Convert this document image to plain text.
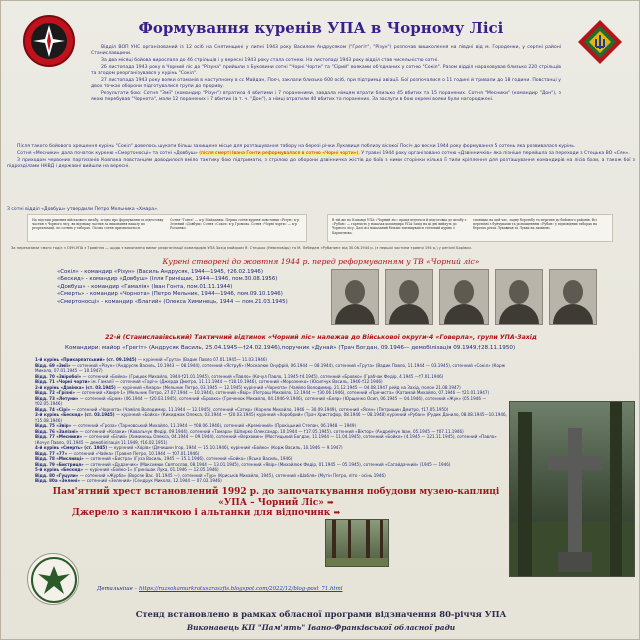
Формування куренів УПА в Чорному Лісі

Відділ ВОП УНС організований із 12 осіб на Снятинщині у липні 1943 року Василем Андрусяком ("Грегіт", "Різун") розпочав вишколення на півдні від м. Городенки, у серпні районі Станиславщини.

За два місяці бойова вирослала до 46 стрільців і у вересні 1943 року стала сотнею. На листопаді 1943 року відділ став чисельністю сотні.

26 листопада 1943 року в Чорний ліс до "Різуна" прийшли з Буковини сотні "Чорні Чорти" та "Сірий" вояками об'єднаних у сотню "Сокіл". Разом відділ нараховував близько 220 стрільців та згодом реорганізувався у курінь "Сокіл".

27 листопада 1943 року вояки отаманів в наступному в сс Майдан, Поєч, заклали близько 600 осіб, при підтримці авіації. Бої розпочалися о 11 годині й тривали до 18 години. Повстанці у двох точках оборони підготувалися групи до прориву.

Результати бою: Сотня "Змії" (командир "Різун") втратила 4 вбитими і 7 пораненими, завдала німцям втрати близько 45 вбитих та 15 поранених. Сотня "Месники" (командир "Дон"), з якою перебував "Чорнота", мали 12 поранених і 7 вбитих (а т. ч. "Дон"), а німці втратили 40 вбитих та поранених. За заслуги в бою окремі вояки були нагороджені.

Після такого бойового хрещення курінь "Сокіл" довелось шукати більш захищене місце для розташування табору на березі річки Лукавиця поблизу вісокої Посіч до весни 1944 року формування 5 сотень яка розвивалася курінь.

Сотня «Месники» дала початок куреню «Смертоносці» та сотні «Довбуш» (після смерті Івана Гонти реформувалася в сотню «Чорні чорти»). У травні 1944 року організовано сотню «Дзвінничків» яка пізніше перейшла за переходи з Стецька ВО «Сян».

З приходом червоних партизанів Ковпака повстанцям доводилося вміло тактику бою підтримати, з стрілою до оборони дзвінничка жістів до боїв з ними сторінки кілька її тили кріплення для розташування командирів на лісів бази, а також бої з підрозділами НКВД і державні вийшли на вересні.

З сотні відділ «Довбуш» утвердили Петро Мельника «Хмара».
На підставі рішення військового штабу, згідно про формування та підготовку частин з Чорного лісу, як відзнаку частин за виконання наказу по реорганізації, по сотнях у таборах. Лісова сотня призначається.
Сотня "Гонта" — к-р Майданюк. Перша сотня куреня повстанця «Різун» к-р Зелений «Довбуш» Сотня «Сокіл» к-р Громова. Сотня «Чорні чорти» — к-р Ротаєнко.
В тій же по Команді УПА «Чорний ліс» праця ведеться й підготовка до штабу з «Рубан» — гарячість у наказах командира УПА-Захід на ці дні вийдуть до Чорного лісу. Далі всі наказаний більше зменшувався стелевий курінь з Кармелюка.
сповіщає на цей час, задну боротьбу та перетин до бойового районів. Всі перевізні з бунчуками та розміщенням «Рубан» у відповідних таборах на берегах річок Лукавиця та Луква на зимівлю.
За переказами «мого тоді» з ОУН-УПА з Травіння — щодо з виконання вимог реорганізації командирів УПА Захід майором Я. Стецько (Невсповідь) та М. Лебедем «Рубаном» від 30.06.1944 р. (з першої частини травня 194 р.) у регіоні Борівки.
Курені створені до жовтня 1944 р. перед реформуванням у ТВ «Чорний ліс»
«Сокіл» - командир «Різун» (Василь Андрусяк, 1944—1945, †26.02.1946)
«Бескид» - командир «Довбуш» (Ілля Гриніщак, 1944—1946, пом.30.08.1956)
«Довбуш» - командир «Гамалія» (Іван Гонта, пом.01.11.1944)
«Смерть» - командир «Чорнота» (Петро Мельник, 1944—1946, пом.09.10.1946)
«Смертоносці» - командир «Благий» (Олекса Химинець, 1944 — пом.21.03.1945)
22-й (Станиславівський) Тактичний відтинок «Чорний ліс» належав до Військової округи-4 «Говерла», групи УПА-Захід
Командири: майор «Грегіт» (Андрусяк Василь, 25.04.1945—†24.02.1946),поручник «Дунай» (Трач Богдан, 09.1946— демобілізація 09.1949,†28.11.1950)
1-й курінь «Прикарпатський» (ст. 09.1945) — курінний «Грута» (Вадик Павло 07.01.1945— 11.03.1946)
Відд. 69 «Змії» — сотенний «Різун» (Андрусяк Василь, 10.1943 — 08.1944), сотенний «Яструб» (Москалюк Онуфрій, 06.1944 — 08.1944), сотенний «Грута» (Вадик Павло, 11.1944 — 03.1945), сотенний «Сокіл» (Корж Микола, 07.01.1945 — 10.1947)
Відд. 70 «Звіробої» — сотенний «Бойко» (Грицюк Михайло, 1944-†21.01.1945), сотенний «Павло» (Кочул Павло, 1.1945-†4.1945), сотенний «Бровко» (Грабчак Федір, 4.1945 —†7.01.1946)
Відд. 71 «Чорні чорти» ім. Гамалії — сотенний «Гаріч» (Джерда Дмитро, 11.11.1944 — †18.10.1946), сотенний «Морозенко» (Юсипчук Василь, 1946-†12.1946)
2-й курінь «Дзвінка» (ст. 03.1945) — курінний «Хмара» (Мельник Петро, 03.1945 — 12.1945) курінний «Чорнота» (Чаяйло Володимир, 21.12.1945 — 04.08.1947 рейд на Захід, полон 21.08.1947)
Відд. 72 «Грізні» — сотенний «Хвиря-1» (Мельник Петро, 27.07.1944 — 10.1944), сотенний «Явір» (Петраш Михайло, 12.1944 — †30.06.1946), сотенний «Пречиста» (Катамай Михайло, 07.1946 — †21.01.1947)
Відд. 73 «Летуни» — сотенний «Бром» (06.1944 — †20.03.1945), сотенний «Бровко» (Греченюк Михайло, 04.1946-9.1946), сотенний «Бояр» (Юрщенко Осип, 06.1945 — 04.1946), сотенний «Жук» (05.1946 — †02.05.1946)
Відд. 74 «Сірі» — сотенний «Чорнота» (Чаяйло Володимир, 11.1944 — 12.1945), сотенний «Сатир» (Корняк Михайло, 1946 — 30.09.1949), сотенний «Ясен» (Петришин Дмитро, †17.05.1950)
3-й курінь «Бескид» (ст. 03.1945) — курінний «Бойко» (Кикиджак Олекса, 03.1944 — †20.03.1945) курінний «Хоробрий» (Трач Христофор, 08.1946 — 08.1948) курінний «Рубан» (Рудик Данило, 08.08.1945—10.1946, †15.08.1946)
Відд. 75 «Звір» — сотенний «Гроза» (Тарновський Михайло, 11.1944 — †08.06.1946), сотенний «Кремінний» (Прокіцький Степан, 06.1948 — 1949)
Відд. 76 «Залізні» — сотенний «Козаки» (Ковальчук Федір, 09.1944), сотенний «Тамара» (Шпирко Олександр, 10.1944 — †17.05.1945), сотенний «Віктор» (Андрейчук Іван, 05.1945 — †07.11.1946)
Відд. 77 «Месники» — сотенний «Білий» (Химинець Олекса, 04.1944 — 09.1944), сотенний «Верховин» (Мостицький Богдан, 11.1944 — 11.04.1945), сотенний «Бойко» (4.1945 — 121.11.1945), сотенний «Павло» (Кочул Павло, 01.1945 — демобілізація 11.1949, †16.02.1951)
4-й курінь «Смерть» (ст. 1945) — курінний «Хорів» (Дячишин Ігор, 1944 — 15.10.1946), курінний «Бойко» (Корж Василь, 10.1946 — 9.1947)
Відд. 77 «77» — сотенний «Чайка» (Травня Петро, 10.1944 — †07.01.1946)
Відд. 78 «Мисливці» — сотенний «Бистра» (Гуза Василь, 1945 — 15.1.1946), сотенний «Бойко» (Ясько Василь, 1946)
Відд. 79 «Бистриця» — сотенний «Дуданчик» (Максимюк Святослав, 08.1944 — 13.01.1945), сотенний «Явір» (Михайлюк Федір, 01.1945 — 05.1945), сотенний «Сагайдачний» (1945 — 1946)
5-й курінь «Бескид» — курінний «Бойко-1» (Гринішак Лука, 01.1946 — 12.05.1946)
Відд. 80 «Гуцули» — сотенний «Журба» (Ворсяк Вас. 01.1945 —), сотенний «Тур» (Криськів Михайло, 1945), сотенний «Шабля» (Мутін Петро, літо - осінь 1946)
Відд. 80а «Зелені» — сотенний «Зелений» (Сендрук Микола, 12.1944 — 07.02.1946)
Пам'ятний хрест встановлений 1992 р. до започаткування побудови музею-каплиці «УПА – Чорний Ліс» ➡
Джерело з капличкою і альтанки для відпочинк ➡
Детальніше – https://ruzsokamurkratuszraszfis.blogspot.com/2022/12/blog-post_71.html
Стенд встановлено в рамках обласної програми відзначення 80-річчя УПА
Виконавець КП "Пам'ять" Івано-Франківської обласної ради
